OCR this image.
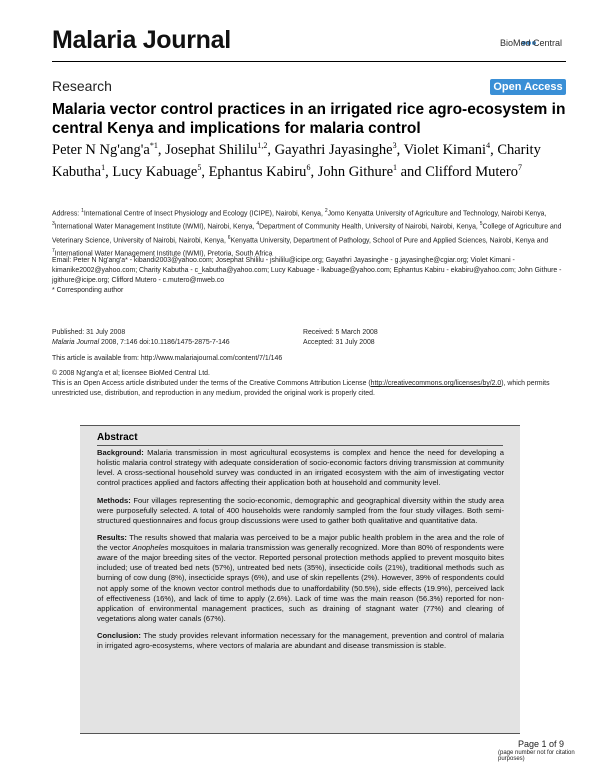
Malaria Journal	BioMed Central
Research	Open Access
Malaria vector control practices in an irrigated rice agro-ecosystem in central Kenya and implications for malaria control
Peter N $Ng'ang'a^{*1}$, Josephat Shililu$^{1,2}$, Gayathri Jayasinghe$^3$, Violet Kimani$^4$, Charity Kabutha$^1$, Lucy Kabuage$^5$, Ephantus Kabiru$^6$, John Githure$^1$ and Clifford Mutero$^7$
Address: $^1$International Centre of Insect Physiology and Ecology (ICIPE), Nairobi, Kenya, $^2$Jomo Kenyatta University of Agriculture and Technology, Nairobi Kenya, $^3$International Water Management Institute (IWMI), Nairobi, Kenya, $^4$Department of Community Health, University of Nairobi, Nairobi, Kenya, $^5$College of Agriculture and Veterinary Science, University of Nairobi, Nairobi, Kenya, $^6$Kenyatta University, Department of Pathology, School of Pure and Applied Sciences, Nairobi, Kenya and $^7$International Water Management Institute (IWMI), Pretoria, South Africa
Email: Peter N Ng'ang'a* - kibandi2003@yahoo.com; Josephat Shililu - jshililu@icipe.org; Gayathri Jayasinghe - g.jayasinghe@cgiar.org; Violet Kimani - kimanike2002@yahoo.com; Charity Kabutha - c_kabutha@yahoo.com; Lucy Kabuage - lkabuage@yahoo.com; Ephantus Kabiru - ekabiru@yahoo.com; John Githure - jgithure@icipe.org; Clifford Mutero - c.mutero@mweb.co
* Corresponding author
Published: 31 July 2008
Malaria Journal 2008, 7:146 doi:10.1186/1475-2875-7-146
Received: 5 March 2008
Accepted: 31 July 2008
This article is available from: http://www.malariajournal.com/content/7/1/146
© 2008 Ng'ang'a et al; licensee BioMed Central Ltd.
This is an Open Access article distributed under the terms of the Creative Commons Attribution License (http://creativecommons.org/licenses/by/2.0), which permits unrestricted use, distribution, and reproduction in any medium, provided the original work is properly cited.
Abstract

Background: Malaria transmission in most agricultural ecosystems is complex and hence the need for developing a holistic malaria control strategy with adequate consideration of socio-economic factors driving transmission at community level. A cross-sectional household survey was conducted in an irrigated ecosystem with the aim of investigating vector control practices applied and factors affecting their application both at household and community level.

Methods: Four villages representing the socio-economic, demographic and geographical diversity within the study area were purposefully selected. A total of 400 households were randomly sampled from the four study villages. Both semi-structured questionnaires and focus group discussions were used to gather both qualitative and quantitative data.

Results: The results showed that malaria was perceived to be a major public health problem in the area and the role of the vector Anopheles mosquitoes in malaria transmission was generally recognized. More than 80% of respondents were aware of the major breeding sites of the vector. Reported personal protection methods applied to prevent mosquito bites included; use of treated bed nets (57%), untreated bed nets (35%), insecticide coils (21%), traditional methods such as burning of cow dung (8%), insecticide sprays (6%), and use of skin repellents (2%). However, 39% of respondents could not apply some of the known vector control methods due to unaffordability (50.5%), side effects (19.9%), perceived lack of effectiveness (16%), and lack of time to apply (2.6%). Lack of time was the main reason (56.3%) reported for non-application of environmental management practices, such as draining of stagnant water (77%) and clearing of vegetations along water canals (67%).

Conclusion: The study provides relevant information necessary for the management, prevention and control of malaria in irrigated agro-ecosystems, where vectors of malaria are abundant and disease transmission is stable.

Page 1 of 9
(page number not for citation purposes)
